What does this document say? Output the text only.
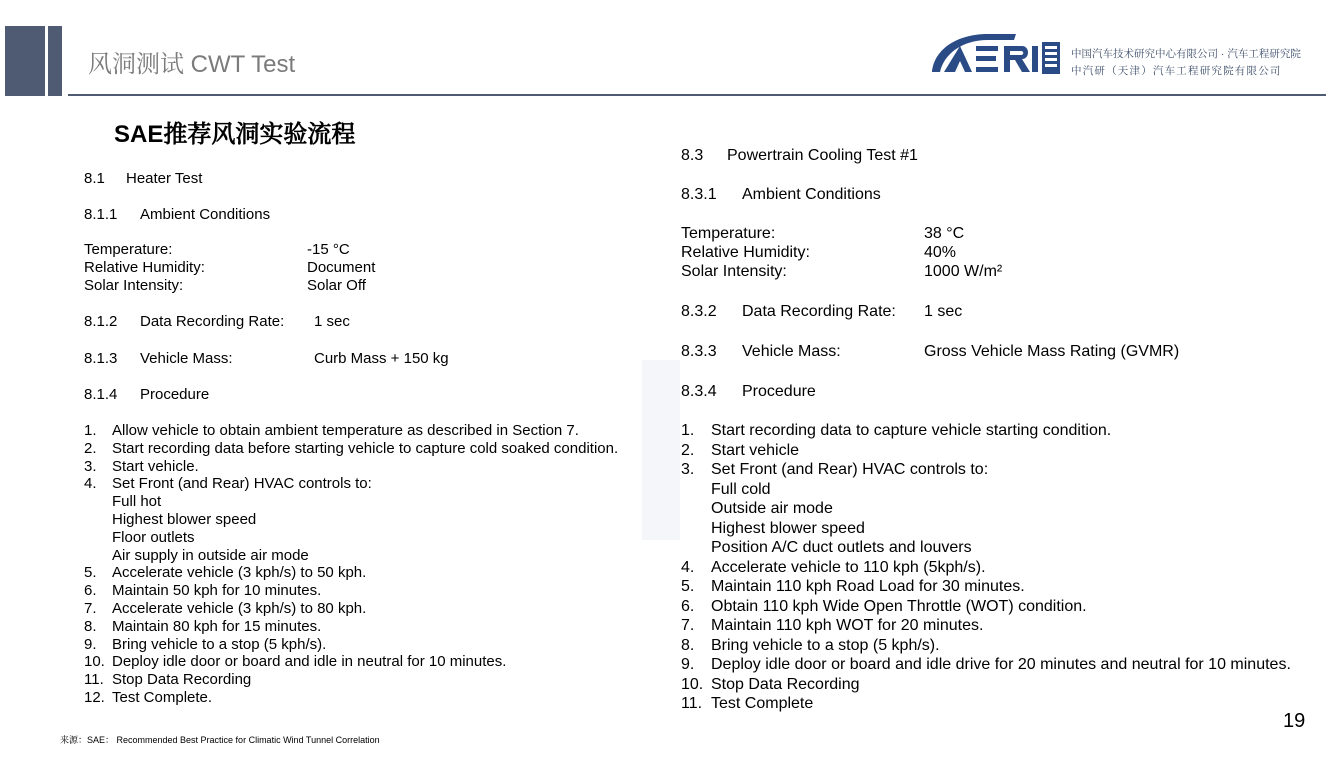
风洞测试 CWT Test	中国汽车技术研究中心有限公司 · 汽车工程研究院
中汽研（天津）汽车工程研究院有限公司
SAE推荐风洞实验流程
8.1 Heater Test
8.1.1 Ambient Conditions
Temperature:	-15 °C
Relative Humidity:	Document
Solar Intensity:	Solar Off
8.1.2 Data Recording Rate: 1 sec
8.1.3 Vehicle Mass:	Curb Mass + 150 kg
8.1.4 Procedure
1. Allow vehicle to obtain ambient temperature as described in Section 7.
2. Start recording data before starting vehicle to capture cold soaked condition.
3. Start vehicle.
4. Set Front (and Rear) HVAC controls to:
Full hot
Highest blower speed
Floor outlets
Air supply in outside air mode
5. Accelerate vehicle (3 kph/s) to 50 kph.
6. Maintain 50 kph for 10 minutes.
7. Accelerate vehicle (3 kph/s) to 80 kph.
8. Maintain 80 kph for 15 minutes.
9. Bring vehicle to a stop (5 kph/s).
10. Deploy idle door or board and idle in neutral for 10 minutes.
11. Stop Data Recording
12. Test Complete.
8.3 Powertrain Cooling Test #1
8.3.1 Ambient Conditions
Temperature:	38 °C
Relative Humidity:	40%
Solar Intensity:	1000 W/m²
8.3.2 Data Recording Rate: 1 sec
8.3.3 Vehicle Mass:	Gross Vehicle Mass Rating (GVMR)
8.3.4 Procedure
1. Start recording data to capture vehicle starting condition.
2. Start vehicle
3. Set Front (and Rear) HVAC controls to:
Full cold
Outside air mode
Highest blower speed
Position A/C duct outlets and louvers
4. Accelerate vehicle to 110 kph (5kph/s).
5. Maintain 110 kph Road Load for 30 minutes.
6. Obtain 110 kph Wide Open Throttle (WOT) condition.
7. Maintain 110 kph WOT for 20 minutes.
8. Bring vehicle to a stop (5 kph/s).
9. Deploy idle door or board and idle drive for 20 minutes and neutral for 10 minutes.
10. Stop Data Recording
11. Test Complete
来源：SAE： Recommended Best Practice for Climatic Wind Tunnel Correlation
19
